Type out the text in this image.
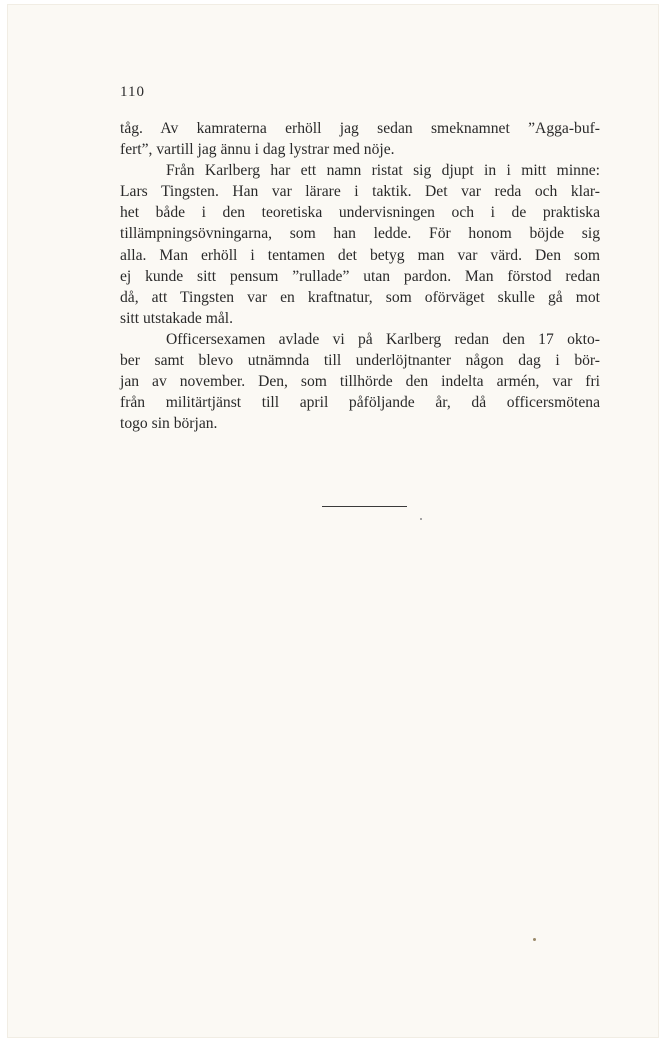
110

tåg. Av kamraterna erhöll jag sedan smeknamnet ”Agga-buf-
fert”, vartill jag ännu i dag lystrar med nöje.
Från Karlberg har ett namn ristat sig djupt in i mitt minne:
Lars Tingsten. Han var lärare i taktik. Det var reda och klar-
het både i den teoretiska undervisningen och i de praktiska
tillämpningsövningarna, som han ledde. För honom böjde sig
alla. Man erhöll i tentamen det betyg man var värd. Den som
ej kunde sitt pensum ”rullade” utan pardon. Man förstod redan
då, att Tingsten var en kraftnatur, som oförväget skulle gå mot
sitt utstakade mål.
Officersexamen avlade vi på Karlberg redan den 17 okto-
ber samt blevo utnämnda till underlöjtnanter någon dag i bör-
jan av november. Den, som tillhörde den indelta armén, var fri
från militärtjänst till april påföljande år, då officersmötena
togo sin början.
